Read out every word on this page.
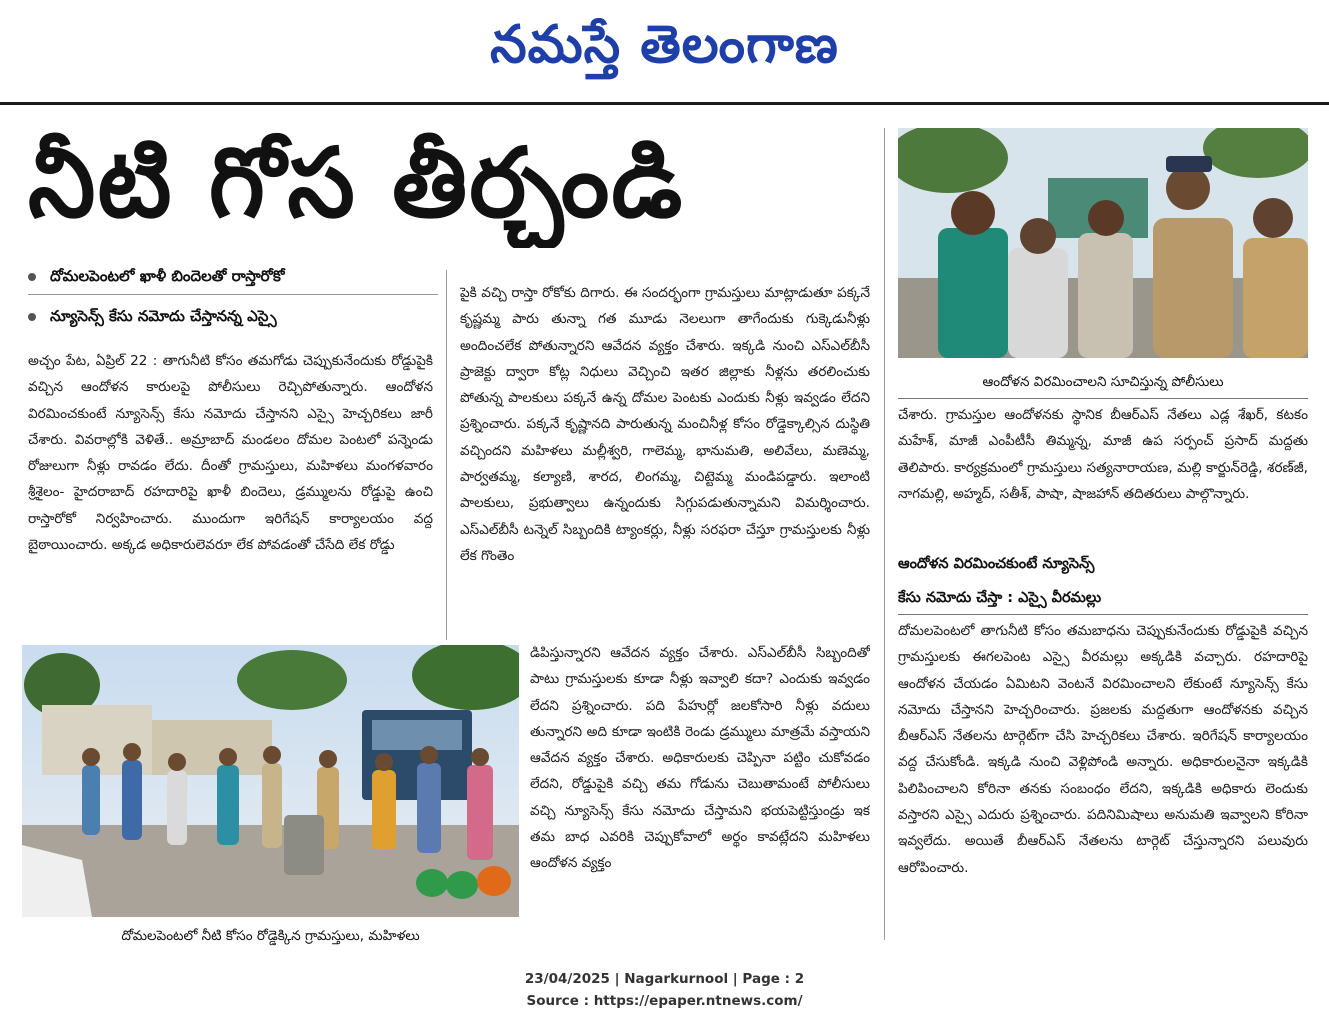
నమస్తే తెలంగాణ
నీటి గోస తీర్చండి
దోమలపెంటలో ఖాళీ బిందెలతో రాస్తారోకో
న్యూసెన్స్ కేసు నమోదు చేస్తానన్న ఎస్సై

అచ్చం పేట, ఏప్రిల్ 22 : తాగునీటి కోసం తమగోడు చెప్పుకునేందుకు రోడ్డుపైకి వచ్చిన ఆందోళన కారులపై పోలీసులు రెచ్చిపోతున్నారు. ఆందోళన విరమించకుంటే న్యూసెన్స్ కేసు నమోదు చేస్తానని ఎస్సై హెచ్చరికలు జారీ చేశారు. వివరాల్లోకి వెళితే.. అమ్రాబాద్ మండలం దోమల పెంటలో పన్నెండు రోజులుగా నీళ్లు రావడం లేదు. దీంతో గ్రామస్తులు, మహిళలు మంగళవారం శ్రీశైలం- హైదరాబాద్ రహదారిపై ఖాళీ బిందెలు, డ్రమ్ములను రోడ్డుపై ఉంచి రాస్తారోకో నిర్వహించారు. ముందుగా ఇరిగేషన్ కార్యాలయం వద్ద బైఠాయించారు. అక్కడ అధికారులెవరూ లేక పోవడంతో చేసేది లేక రోడ్డు

పైకి వచ్చి రాస్తా రోకోకు దిగారు. ఈ సందర్భంగా గ్రామస్తులు మాట్లాడుతూ పక్కనే కృష్ణమ్మ పారు తున్నా గత మూడు నెలలుగా తాగేందుకు గుక్కెడునీళ్లు అందించలేక పోతున్నారని ఆవేదన వ్యక్తం చేశారు. ఇక్కడి నుంచి ఎస్ఎల్‌బీసీ ప్రాజెక్టు ద్వారా కోట్ల నిధులు వెచ్చించి ఇతర జిల్లాకు నీళ్లను తరలించుకు పోతున్న పాలకులు పక్కనే ఉన్న దోమల పెంటకు ఎందుకు నీళ్లు ఇవ్వడం లేదని ప్రశ్నించారు. పక్కనే కృష్ణానది పారుతున్న మంచినీళ్ల కోసం రోడ్డెక్కాల్సిన దుస్థితి వచ్చిందని మహిళలు మల్లీశ్వరి, గాలెమ్మ, భానుమతి, అలివేలు, మణెమ్మ, పార్వతమ్మ, కల్యాణి, శారద, లింగమ్మ, చిట్టెమ్మ మండిపడ్డారు. ఇలాంటి పాలకులు, ప్రభుత్వాలు ఉన్నందుకు సిగ్గుపడుతున్నామని విమర్శించారు. ఎస్ఎల్‌బీసీ టన్నెల్ సిబ్బందికి ట్యాంకర్లు, నీళ్లు సరఫరా చేస్తూ గ్రామస్తులకు నీళ్లు లేక గొంతెం

దోమలపెంటలో నీటి కోసం రోడ్డెక్కిన గ్రామస్తులు, మహిళలు

డిపిస్తున్నారని ఆవేదన వ్యక్తం చేశారు. ఎస్ఎల్‌బీసీ సిబ్బందితో పాటు గ్రామస్తులకు కూడా నీళ్లు ఇవ్వాలి కదా? ఎందుకు ఇవ్వడం లేదని ప్రశ్నించారు. పది పేహుర్లో జలకోసారి నీళ్లు వదులు తున్నారని అది కూడా ఇంటికి రెండు డ్రమ్ములు మాత్రమే వస్తాయని ఆవేదన వ్యక్తం చేశారు. అధికారులకు చెప్పినా పట్టిం చుకోవడం లేదని, రోడ్డుపైకి వచ్చి తమ గోడును చెబుతామంటే పోలీసులు వచ్చి న్యూసెన్స్ కేసు నమోదు చేస్తామని భయపెట్టిస్తుండ్రు ఇక తమ బాధ ఎవరికి చెప్పుకోవాలో అర్థం కావట్లేదని మహిళలు ఆందోళన వ్యక్తం

ఆందోళన విరమించాలని సూచిస్తున్న పోలీసులు

చేశారు. గ్రామస్తుల ఆందోళనకు స్థానిక బీఆర్ఎస్ నేతలు ఎడ్ల శేఖర్, కటకం మహేశ్, మాజీ ఎంపీటీసీ తిమ్మన్న, మాజీ ఉప సర్పంచ్ ప్రసాద్ మద్దతు తెలిపారు. కార్యక్రమంలో గ్రామస్తులు సత్యనారాయణ, మల్లి కార్జున్‌రెడ్డి, శరణ్‌జీ, నాగమల్లి, అహ్మద్, సతీశ్, పాషా, షాజహాన్ తదితరులు పాల్గొన్నారు.

ఆందోళన విరమించకుంటే న్యూసెన్స్
కేసు నమోదు చేస్తా : ఎస్సై వీరమల్లు

దోమలపెంటలో తాగునీటి కోసం తమబాధను చెప్పుకునేందుకు రోడ్డుపైకి వచ్చిన గ్రామస్తులకు ఈగలపెంట ఎస్సై వీరమల్లు అక్కడికి వచ్చారు. రహదారిపై ఆందోళన చేయడం ఏమిటని వెంటనే విరమించాలని లేకుంటే న్యూసెన్స్ కేసు నమోదు చేస్తానని హెచ్చరించారు. ప్రజలకు మద్దతుగా ఆందోళనకు వచ్చిన బీఆర్ఎస్ నేతలను టార్గెట్‌గా చేసి హెచ్చరికలు చేశారు. ఇరిగేషన్ కార్యాలయం వద్ద చేసుకోండి. ఇక్కడి నుంచి వెళ్లిపోండి అన్నారు. అధికారులనైనా ఇక్కడికి పిలిపించాలని కోరినా తనకు సంబంధం లేదని, ఇక్కడికి అధికారు లెందుకు వస్తారని ఎస్సై ఎదురు ప్రశ్నించారు. పదినిమిషాలు అనుమతి ఇవ్వాలని కోరినా ఇవ్వలేదు. అయితే బీఆర్ఎస్ నేతలను టార్గెట్ చేస్తున్నారని పలువురు ఆరోపించారు.

23/04/2025 | Nagarkurnool | Page : 2
Source : https://epaper.ntnews.com/
